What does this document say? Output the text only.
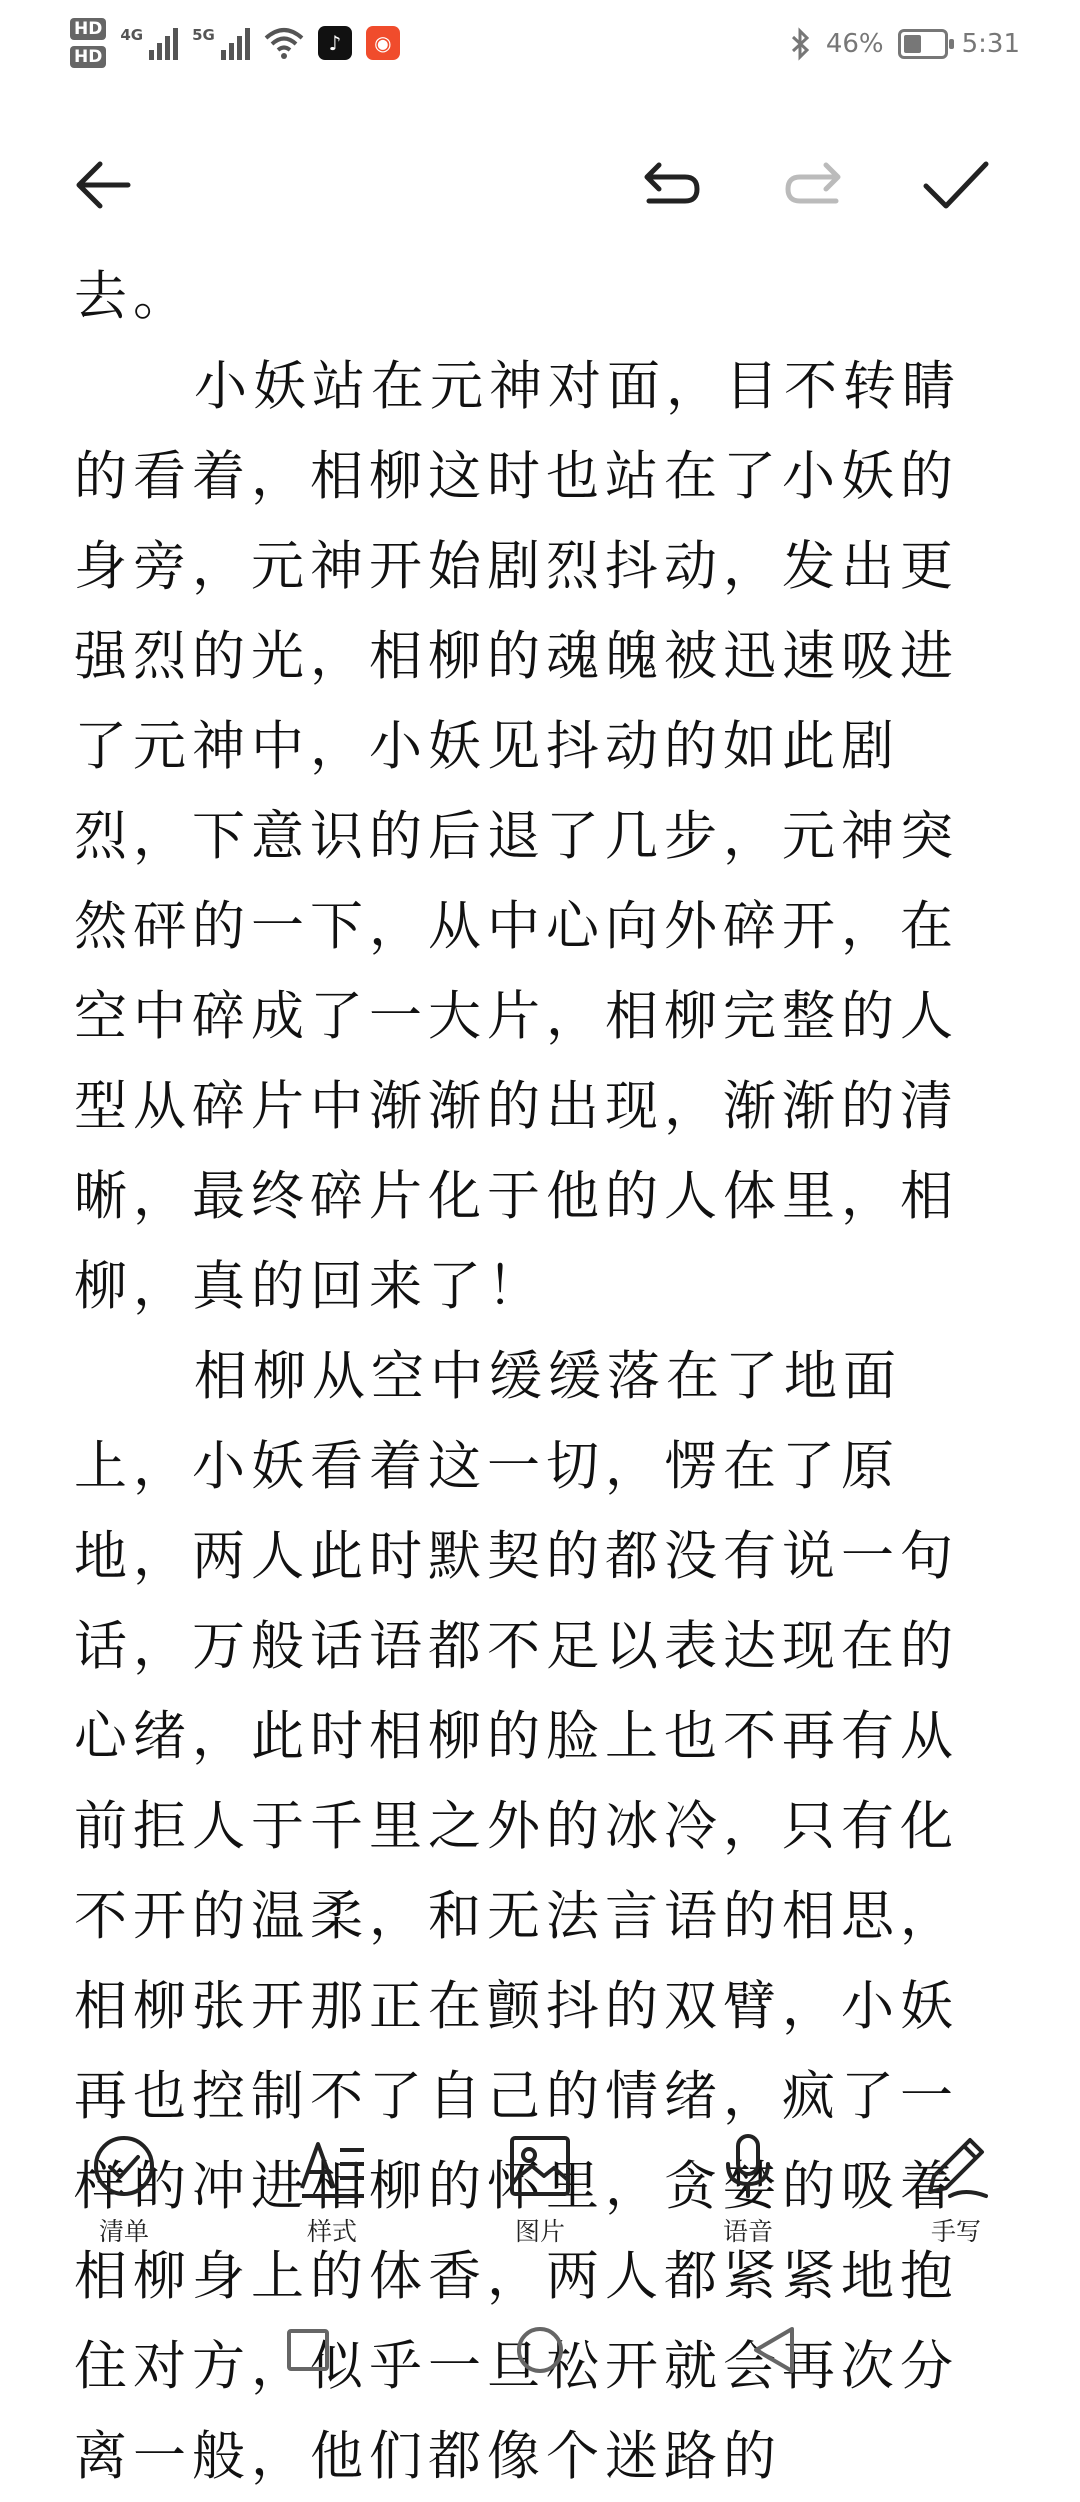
HD
HD
4G	5G	♪	◉	46%	5:31

去。

小妖站在元神对面，目不转睛的看着，相柳这时也站在了小妖的身旁，元神开始剧烈抖动，发出更强烈的光，相柳的魂魄被迅速吸进了元神中，小妖见抖动的如此剧烈，下意识的后退了几步，元神突然砰的一下，从中心向外碎开，在空中碎成了一大片，相柳完整的人型从碎片中渐渐的出现，渐渐的清晰，最终碎片化于他的人体里，相柳，真的回来了！

相柳从空中缓缓落在了地面上，小妖看着这一切，愣在了原地，两人此时默契的都没有说一句话，万般话语都不足以表达现在的心绪，此时相柳的脸上也不再有从前拒人于千里之外的冰冷，只有化不开的温柔，和无法言语的相思，相柳张开那正在颤抖的双臂，小妖再也控制不了自己的情绪，疯了一样的冲进相柳的怀里，贪婪的吸着相柳身上的体香，两人都紧紧地抱住对方，似乎一旦松开就会再次分离一般，他们都像个迷路的

清单	样式	图片	语音	手写
